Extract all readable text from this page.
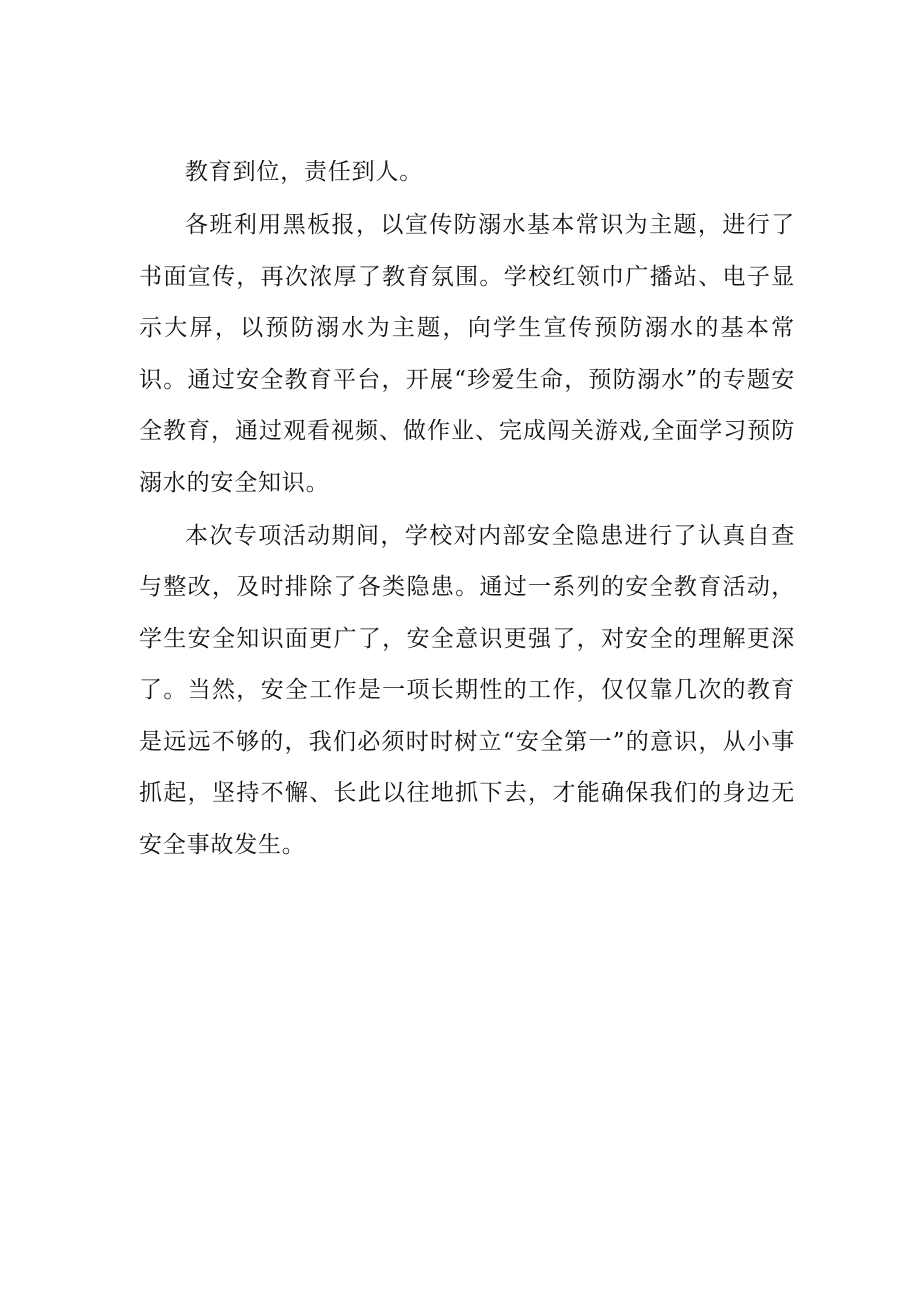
教育到位，责任到人。

各班利用黑板报，以宣传防溺水基本常识为主题，进行了书面宣传，再次浓厚了教育氛围。学校红领巾广播站、电子显示大屏，以预防溺水为主题，向学生宣传预防溺水的基本常识。通过安全教育平台，开展“珍爱生命，预防溺水”的专题安全教育，通过观看视频、做作业、完成闯关游戏,全面学习预防溺水的安全知识。

本次专项活动期间，学校对内部安全隐患进行了认真自查与整改，及时排除了各类隐患。通过一系列的安全教育活动，学生安全知识面更广了，安全意识更强了，对安全的理解更深了。当然，安全工作是一项长期性的工作，仅仅靠几次的教育是远远不够的，我们必须时时树立“安全第一”的意识，从小事抓起，坚持不懈、长此以往地抓下去，才能确保我们的身边无安全事故发生。
